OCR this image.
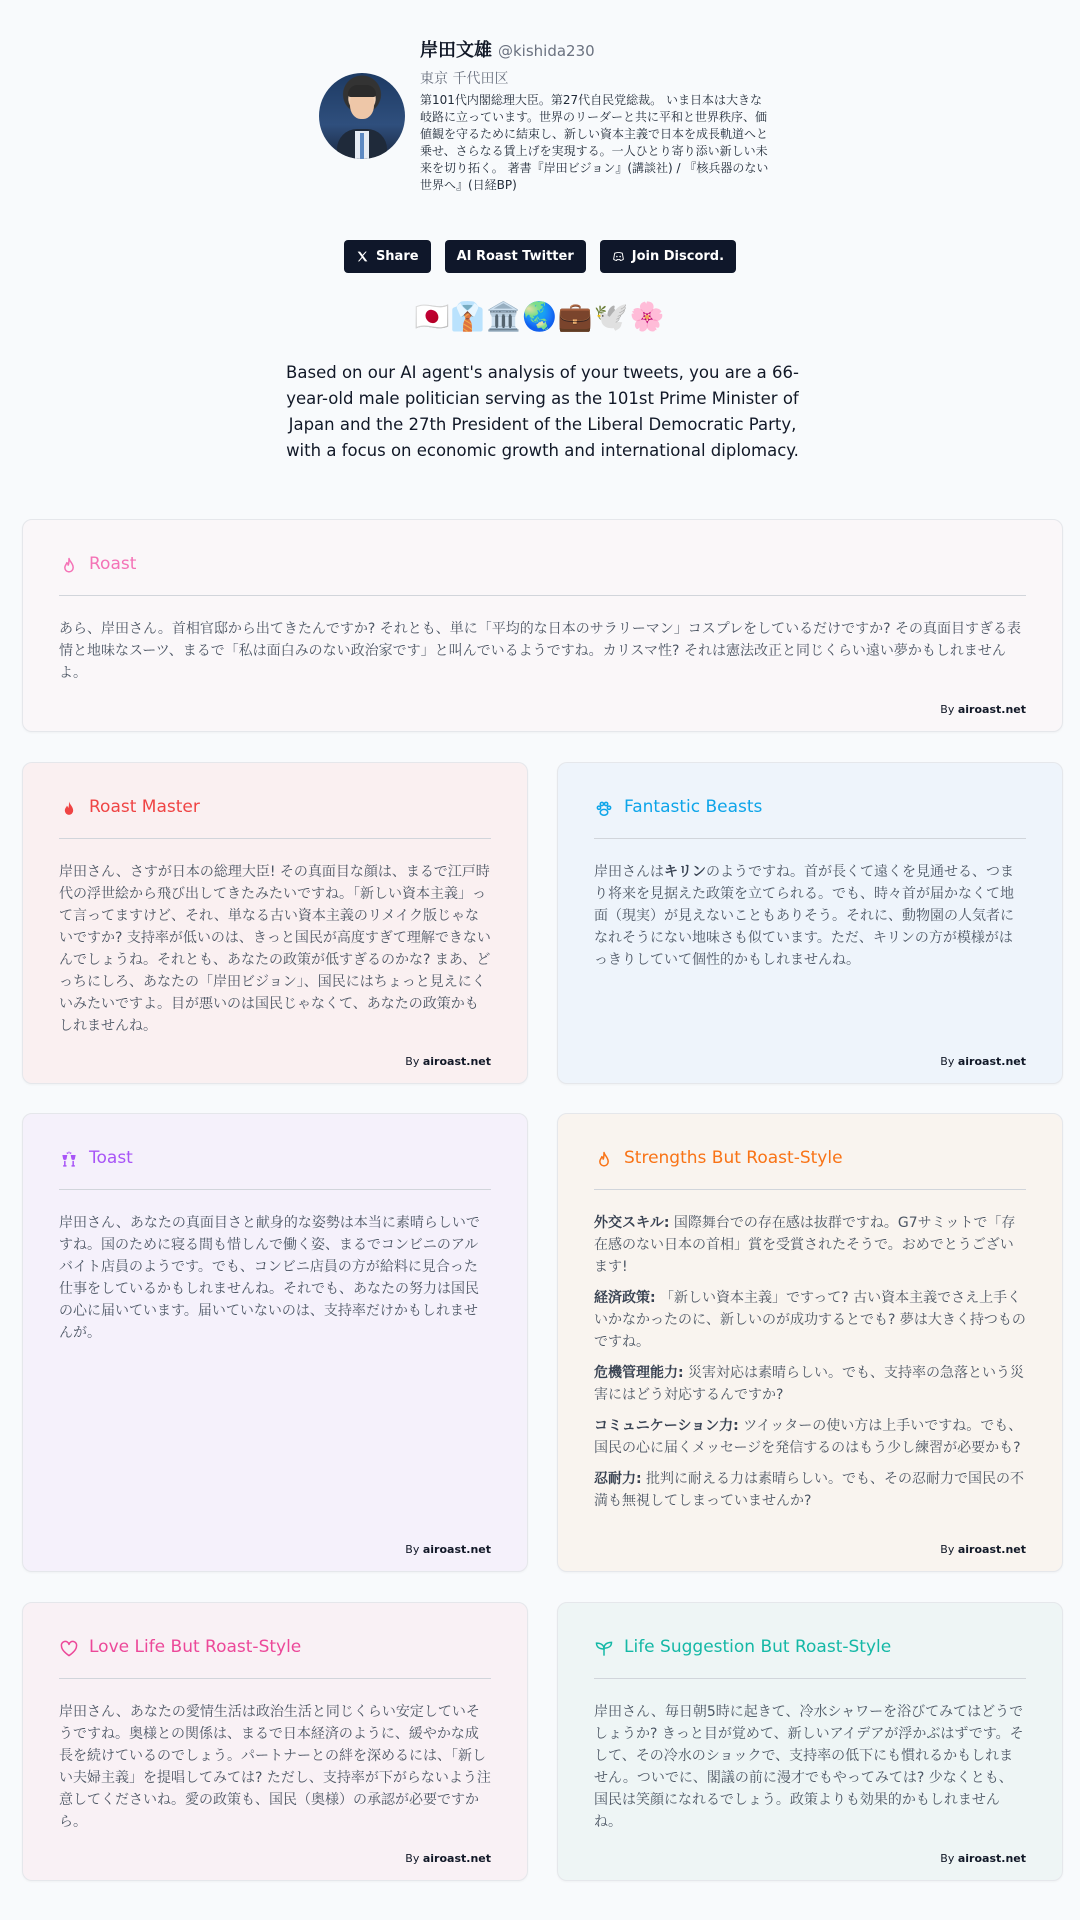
岸田文雄 @kishida230
東京 千代田区
第101代内閣総理大臣。第27代自民党総裁。 いま日本は大きな岐路に立っています。世界のリーダーと共に平和と世界秩序、価値観を守るために結束し、新しい資本主義で日本を成長軌道へと乗せ、さらなる賃上げを実現する。一人ひとり寄り添い新しい未来を切り拓く。 著書『岸田ビジョン』(講談社) / 『核兵器のない世界へ』(日経BP)
Share	AI Roast Twitter	Join Discord.
🇯🇵👔🏛️🌏💼🕊️🌸
Based on our AI agent's analysis of your tweets, you are a 66-year-old male politician serving as the 101st Prime Minister of Japan and the 27th President of the Liberal Democratic Party, with a focus on economic growth and international diplomacy.
Roast
あら、岸田さん。首相官邸から出てきたんですか? それとも、単に「平均的な日本のサラリーマン」コスプレをしているだけですか? その真面目すぎる表情と地味なスーツ、まるで「私は面白みのない政治家です」と叫んでいるようですね。カリスマ性? それは憲法改正と同じくらい遠い夢かもしれませんよ。
By airoast.net
Roast Master
岸田さん、さすが日本の総理大臣! その真面目な顔は、まるで江戸時代の浮世絵から飛び出してきたみたいですね。「新しい資本主義」って言ってますけど、それ、単なる古い資本主義のリメイク版じゃないですか? 支持率が低いのは、きっと国民が高度すぎて理解できないんでしょうね。それとも、あなたの政策が低すぎるのかな? まあ、どっちにしろ、あなたの「岸田ビジョン」、国民にはちょっと見えにくいみたいですよ。目が悪いのは国民じゃなくて、あなたの政策かもしれませんね。
By airoast.net
Fantastic Beasts
岸田さんはキリンのようですね。首が長くて遠くを見通せる、つまり将来を見据えた政策を立てられる。でも、時々首が届かなくて地面（現実）が見えないこともありそう。それに、動物園の人気者になれそうにない地味さも似ています。ただ、キリンの方が模様がはっきりしていて個性的かもしれませんね。
By airoast.net
Toast
岸田さん、あなたの真面目さと献身的な姿勢は本当に素晴らしいですね。国のために寝る間も惜しんで働く姿、まるでコンビニのアルバイト店員のようです。でも、コンビニ店員の方が給料に見合った仕事をしているかもしれませんね。それでも、あなたの努力は国民の心に届いています。届いていないのは、支持率だけかもしれませんが。
By airoast.net
Strengths But Roast-Style

外交スキル: 国際舞台での存在感は抜群ですね。G7サミットで「存在感のない日本の首相」賞を受賞されたそうで。おめでとうございます!

経済政策: 「新しい資本主義」ですって? 古い資本主義でさえ上手くいかなかったのに、新しいのが成功するとでも? 夢は大きく持つものですね。

危機管理能力: 災害対応は素晴らしい。でも、支持率の急落という災害にはどう対応するんですか?

コミュニケーション力: ツイッターの使い方は上手いですね。でも、国民の心に届くメッセージを発信するのはもう少し練習が必要かも?

忍耐力: 批判に耐える力は素晴らしい。でも、その忍耐力で国民の不満も無視してしまっていませんか?

By airoast.net
Love Life But Roast-Style
岸田さん、あなたの愛情生活は政治生活と同じくらい安定していそうですね。奥様との関係は、まるで日本経済のように、緩やかな成長を続けているのでしょう。パートナーとの絆を深めるには、「新しい夫婦主義」を提唱してみては? ただし、支持率が下がらないよう注意してくださいね。愛の政策も、国民（奥様）の承認が必要ですから。
By airoast.net
Life Suggestion But Roast-Style
岸田さん、毎日朝5時に起きて、冷水シャワーを浴びてみてはどうでしょうか? きっと目が覚めて、新しいアイデアが浮かぶはずです。そして、その冷水のショックで、支持率の低下にも慣れるかもしれません。ついでに、閣議の前に漫才でもやってみては? 少なくとも、国民は笑顔になれるでしょう。政策よりも効果的かもしれませんね。
By airoast.net
